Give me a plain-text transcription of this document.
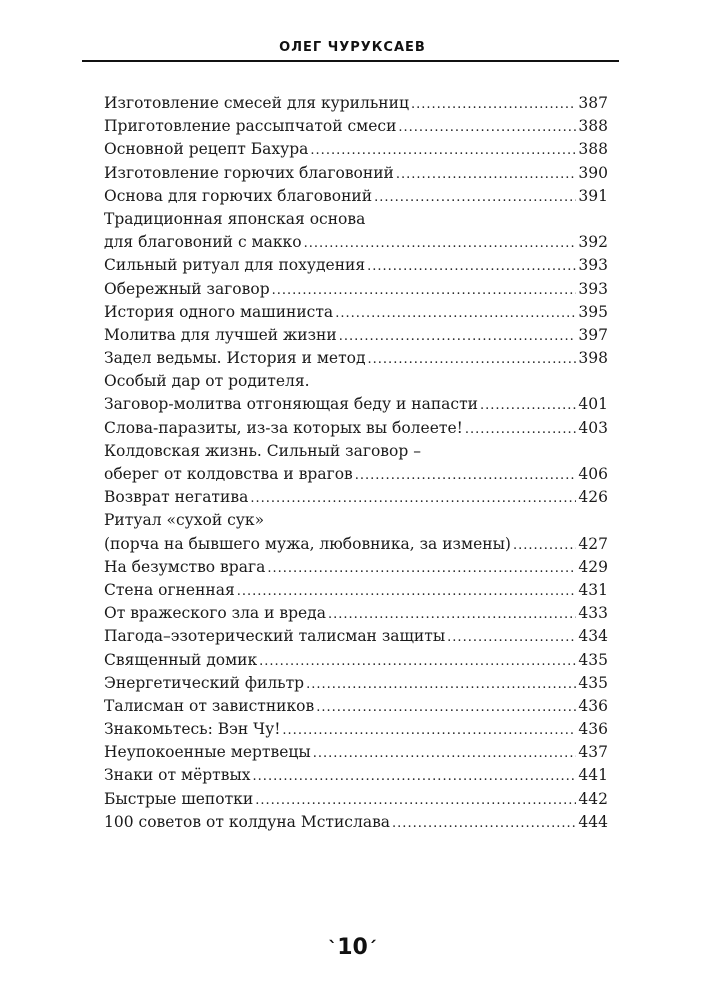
ОЛЕГ ЧУРУКСАЕВ
Изготовление смесей для курильниц .....	387
Приготовление рассыпчатой смеси .....	388
Основной рецепт Бахура .....	388
Изготовление горючих благовоний .....	390
Основа для горючих благовоний .....	391
Традиционная японская основа
для благовоний с макко .....	392
Сильный ритуал для похудения .....	393
Обережный заговор .....	393
История одного машиниста .....	395
Молитва для лучшей жизни .....	397
Задел ведьмы. История и метод .....	398
Особый дар от родителя.
Заговор-молитва отгоняющая беду и напасти .....	401
Слова-паразиты, из-за которых вы болеете! .....	403
Колдовская жизнь. Сильный заговор –
оберег от колдовства и врагов .....	406
Возврат негатива .....	426
Ритуал «сухой сук»
(порча на бывшего мужа, любовника, за измены) .....	427
На безумство врага .....	429
Стена огненная .....	431
От вражеского зла и вреда .....	433
Пагода–эзотерический талисман защиты .....	434
Священный домик .....	435
Энергетический фильтр .....	435
Талисман от завистников .....	436
Знакомьтесь: Вэн Чу! .....	436
Неупокоенные мертвецы .....	437
Знаки от мёртвых .....	441
Быстрые шепотки .....	442
100 советов от колдуна Мстислава .....	444
`10´
